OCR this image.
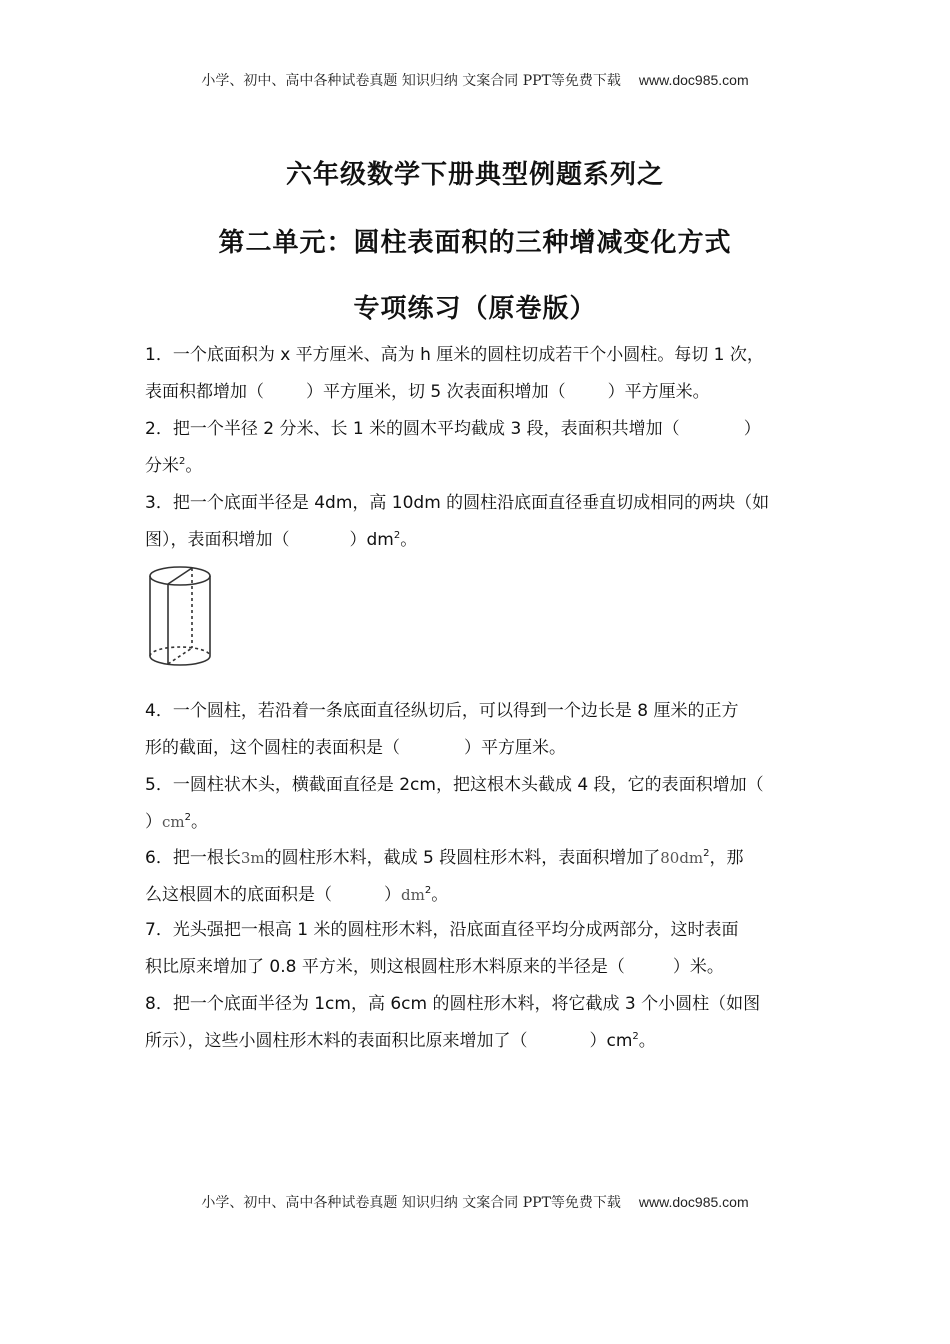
小学、初中、高中各种试卷真题 知识归纳 文案合同 PPT等免费下载 www.doc985.com
六年级数学下册典型例题系列之
第二单元：圆柱表面积的三种增减变化方式
专项练习（原卷版）
1．一个底面积为 x 平方厘米、高为 h 厘米的圆柱切成若干个小圆柱。每切 1 次，
表面积都增加（ ）平方厘米，切 5 次表面积增加（ ）平方厘米。
2．把一个半径 2 分米、长 1 米的圆木平均截成 3 段，表面积共增加（	）
分米$^2$。
3．把一个底面半径是 4dm，高 10dm 的圆柱沿底面直径垂直切成相同的两块（如
图），表面积增加（	）$dm^2$。
4．一个圆柱，若沿着一条底面直径纵切后，可以得到一个边长是 8 厘米的正方
形的截面，这个圆柱的表面积是（	）平方厘米。
5．一圆柱状木头，横截面直径是 2cm，把这根木头截成 4 段，它的表面积增加（
）$cm^2$。
6．把一根长3m的圆柱形木料，截成 5 段圆柱形木料，表面积增加了$80dm^2$，那
么这根圆木的底面积是（	）$dm^2$。
7．光头强把一根高 1 米的圆柱形木料，沿底面直径平均分成两部分，这时表面
积比原来增加了 0.8 平方米，则这根圆柱形木料原来的半径是（	）米。
8．把一个底面半径为 1cm，高 6cm 的圆柱形木料，将它截成 3 个小圆柱（如图
所示），这些小圆柱形木料的表面积比原来增加了（	）$cm^2$。
小学、初中、高中各种试卷真题 知识归纳 文案合同 PPT等免费下载 www.doc985.com
